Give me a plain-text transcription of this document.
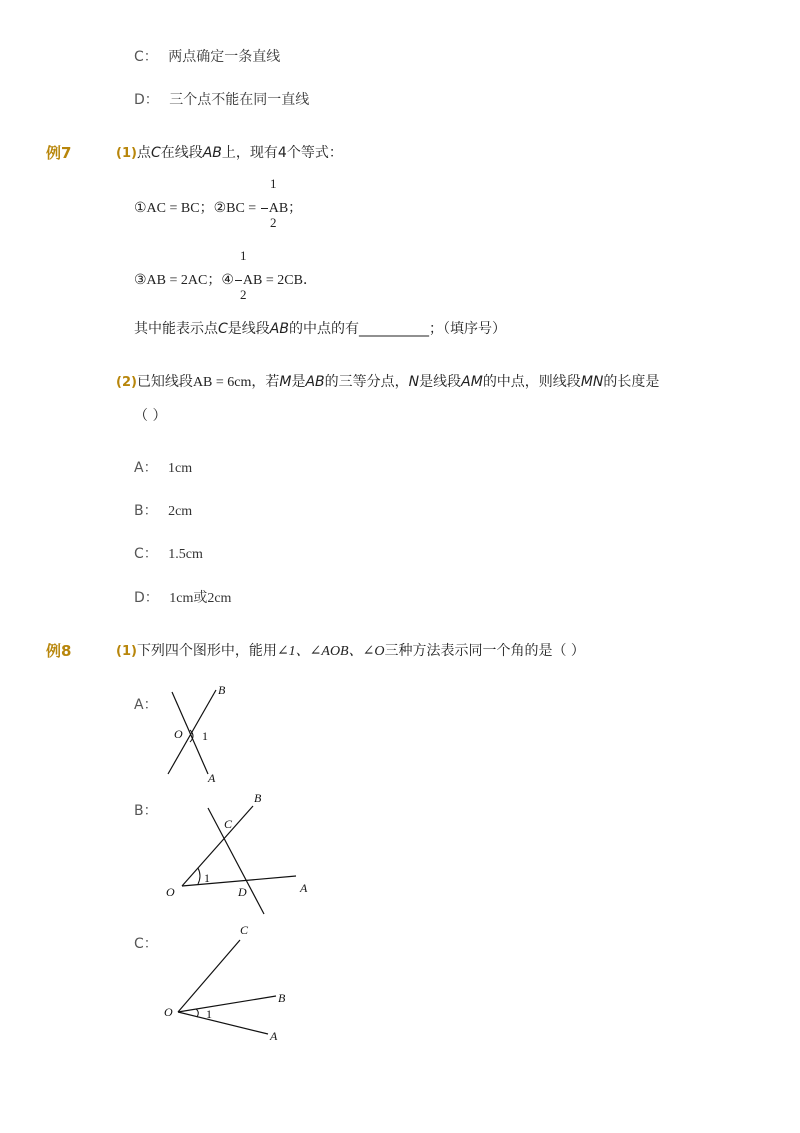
C： 两点确定一条直线
D： 三个点不能在同一直线
例7	(1)点C在线段AB上，现有4个等式：
1
①AC = BC；②BC = AB；
2
1
③AB = 2AC；④ AB = 2CB．
2
其中能表示点C是线段AB的中点的有__________；（填序号）
(2)已知线段AB = 6cm，若M是AB的三等分点，N是线段AM的中点，则线段MN的长度是
（ ）
A： 1cm
B： 2cm
C： 1.5cm
D： 1cm或2cm
例8	(1)下列四个图形中，能用∠1、∠AOB、∠O三种方法表示同一个角的是（ ）
A：
B
O 1
A
B：
B
C
1
O	D	A
C：
C
B
O	1
A
